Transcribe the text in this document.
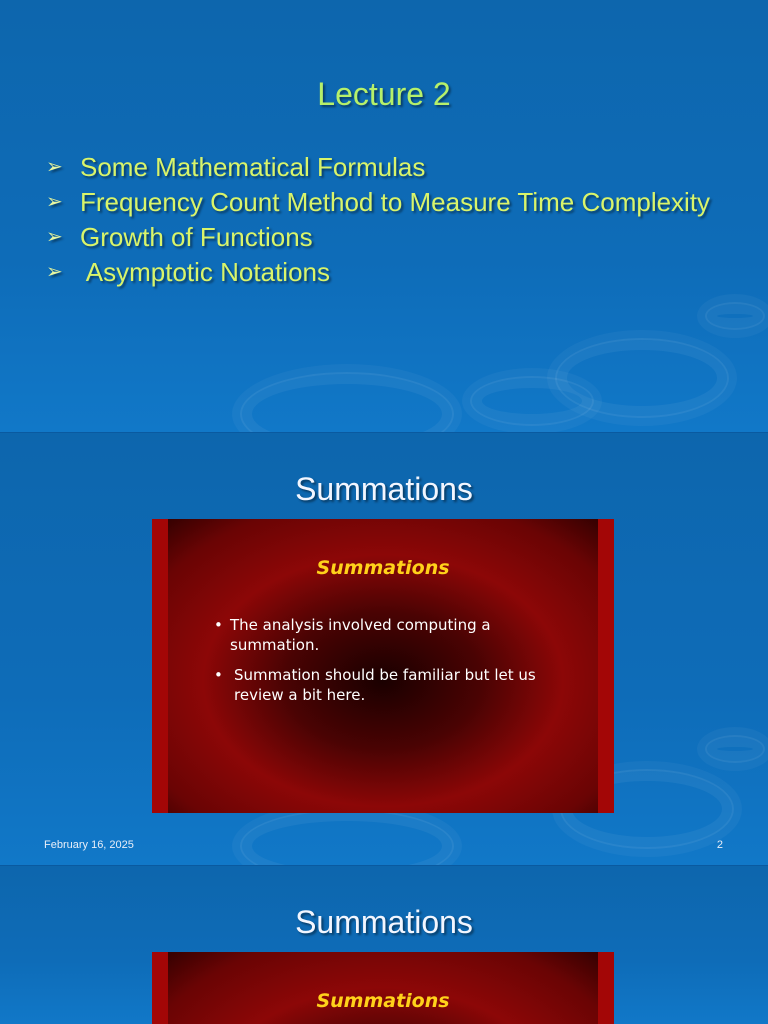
Lecture 2
➢ Some Mathematical Formulas
➢ Frequency Count Method to Measure Time Complexity
➢ Growth of Functions
➢ Asymptotic Notations
Summations
Summations
• The analysis involved computing a summation.
• Summation should be familiar but let us review a bit here.
February 16, 2025	2
Summations
Summations
